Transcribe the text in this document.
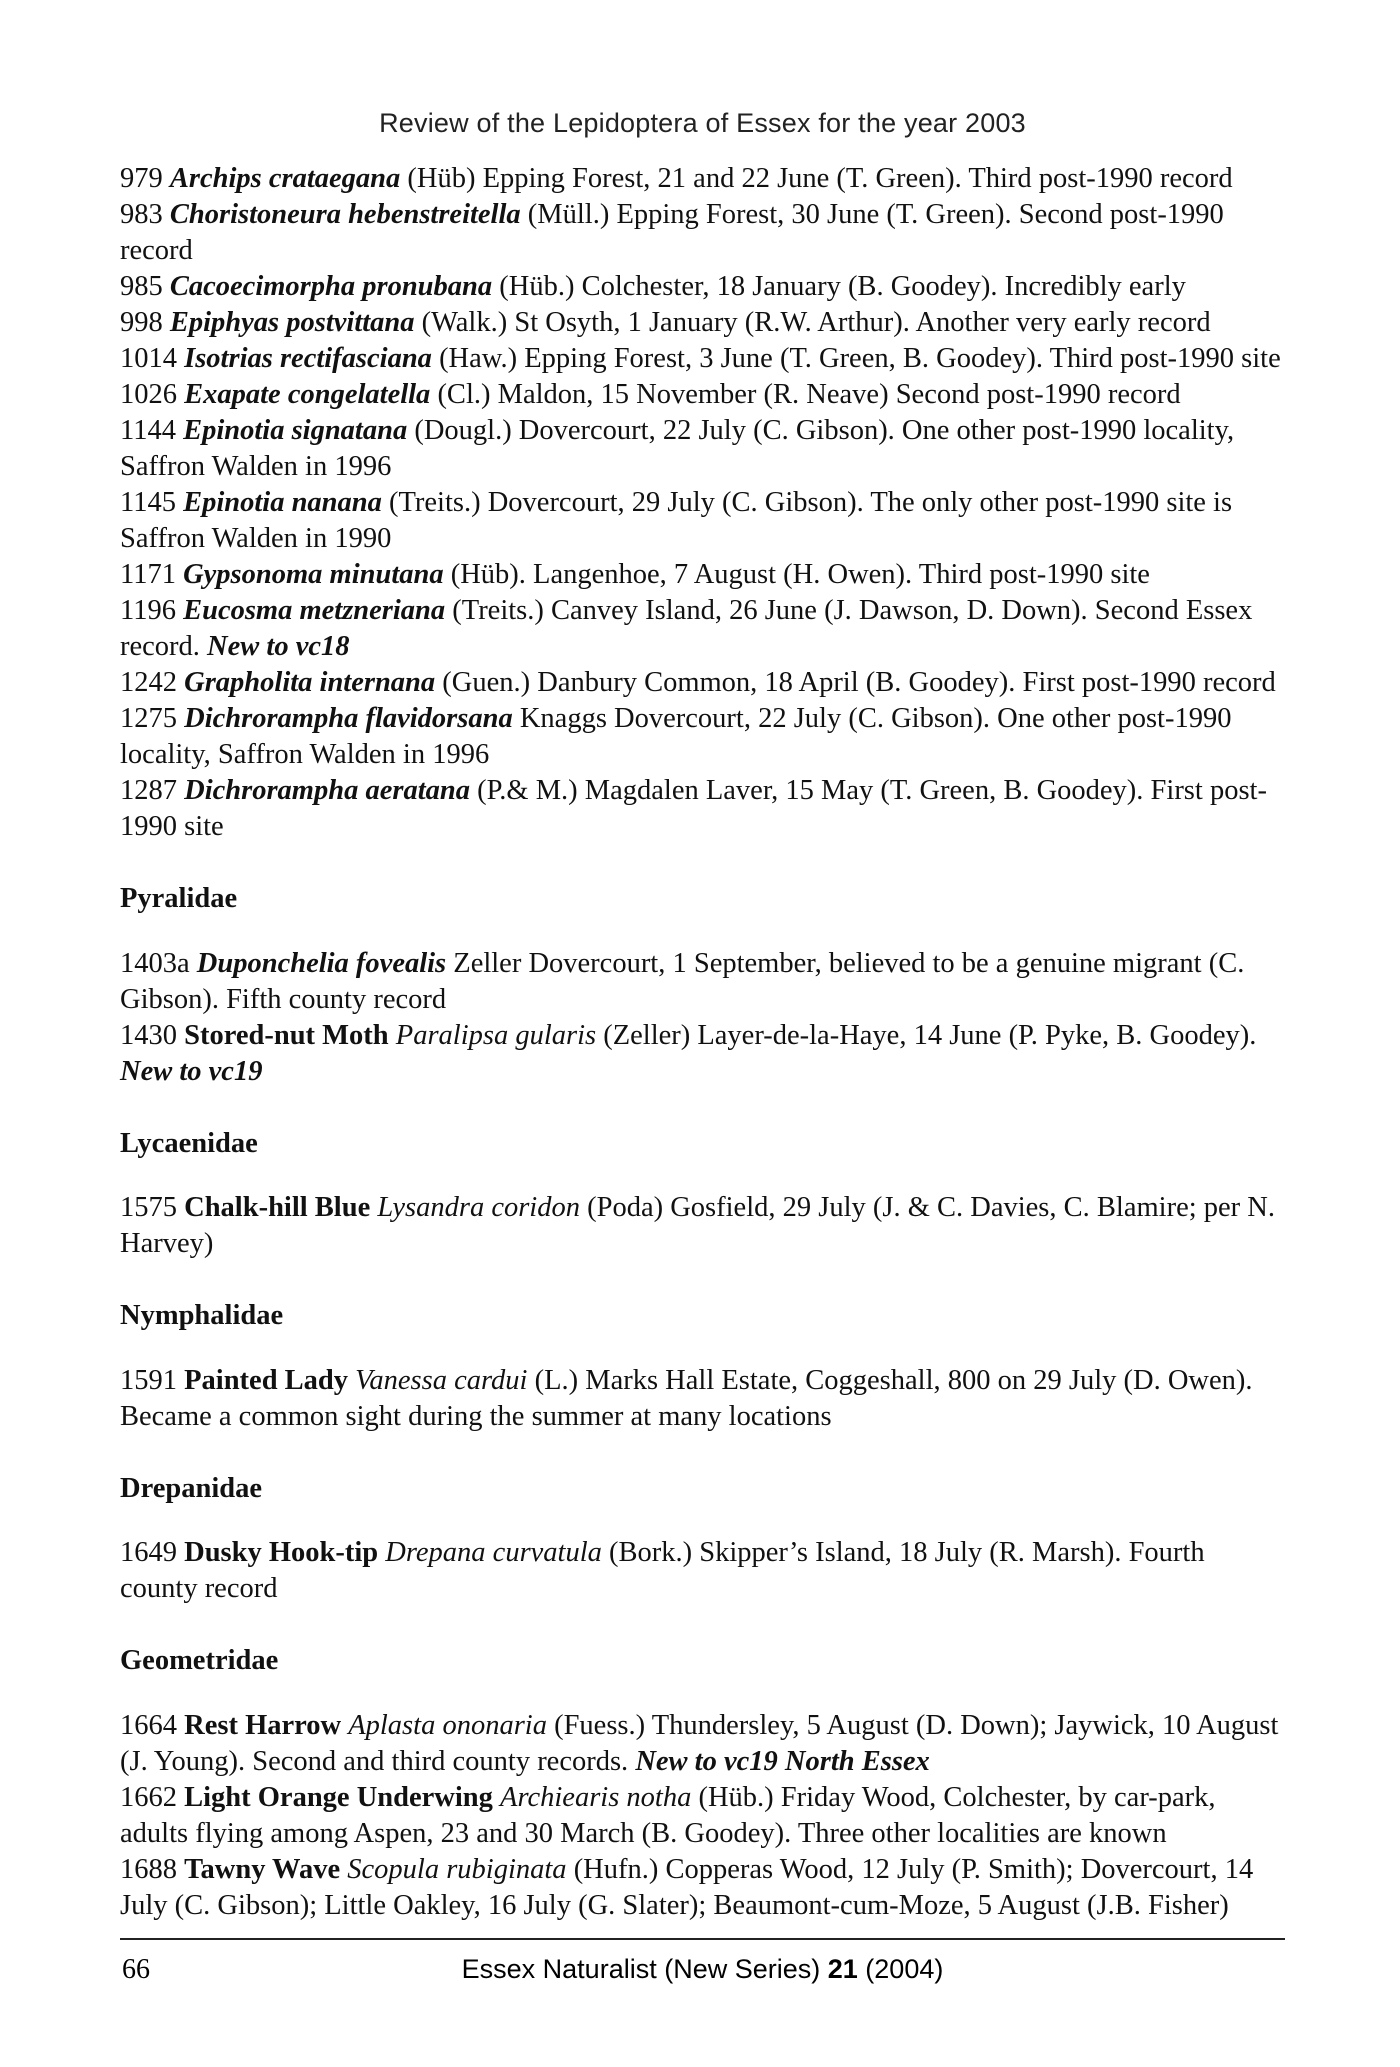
Review of the Lepidoptera of Essex for the year 2003

979 Archips crataegana (Hüb) Epping Forest, 21 and 22 June (T. Green). Third post-1990 record

983 Choristoneura hebenstreitella (Müll.) Epping Forest, 30 June (T. Green). Second post-1990 record

985 Cacoecimorpha pronubana (Hüb.) Colchester, 18 January (B. Goodey). Incredibly early

998 Epiphyas postvittana (Walk.) St Osyth, 1 January (R.W. Arthur). Another very early record

1014 Isotrias rectifasciana (Haw.) Epping Forest, 3 June (T. Green, B. Goodey). Third post-1990 site

1026 Exapate congelatella (Cl.) Maldon, 15 November (R. Neave) Second post-1990 record

1144 Epinotia signatana (Dougl.) Dovercourt, 22 July (C. Gibson). One other post-1990 locality, Saffron Walden in 1996

1145 Epinotia nanana (Treits.) Dovercourt, 29 July (C. Gibson). The only other post-1990 site is Saffron Walden in 1990

1171 Gypsonoma minutana (Hüb). Langenhoe, 7 August (H. Owen). Third post-1990 site

1196 Eucosma metzneriana (Treits.) Canvey Island, 26 June (J. Dawson, D. Down). Second Essex record. New to vc18

1242 Grapholita internana (Guen.) Danbury Common, 18 April (B. Goodey). First post-1990 record

1275 Dichrorampha flavidorsana Knaggs Dovercourt, 22 July (C. Gibson). One other post-1990 locality, Saffron Walden in 1996

1287 Dichrorampha aeratana (P.& M.) Magdalen Laver, 15 May (T. Green, B. Goodey). First post-1990 site

Pyralidae

1403a Duponchelia fovealis Zeller Dovercourt, 1 September, believed to be a genuine migrant (C. Gibson). Fifth county record

1430 Stored-nut Moth Paralipsa gularis (Zeller) Layer-de-la-Haye, 14 June (P. Pyke, B. Goodey). New to vc19

Lycaenidae

1575 Chalk-hill Blue Lysandra coridon (Poda) Gosfield, 29 July (J. & C. Davies, C. Blamire; per N. Harvey)

Nymphalidae

1591 Painted Lady Vanessa cardui (L.) Marks Hall Estate, Coggeshall, 800 on 29 July (D. Owen). Became a common sight during the summer at many locations

Drepanidae

1649 Dusky Hook-tip Drepana curvatula (Bork.) Skipper’s Island, 18 July (R. Marsh). Fourth county record

Geometridae

1664 Rest Harrow Aplasta ononaria (Fuess.) Thundersley, 5 August (D. Down); Jaywick, 10 August (J. Young). Second and third county records. New to vc19 North Essex

1662 Light Orange Underwing Archiearis notha (Hüb.) Friday Wood, Colchester, by car-park, adults flying among Aspen, 23 and 30 March (B. Goodey). Three other localities are known

1688 Tawny Wave Scopula rubiginata (Hufn.) Copperas Wood, 12 July (P. Smith); Dovercourt, 14 July (C. Gibson); Little Oakley, 16 July (G. Slater); Beaumont-cum-Moze, 5 August (J.B. Fisher)

66	Essex Naturalist (New Series) 21 (2004)
